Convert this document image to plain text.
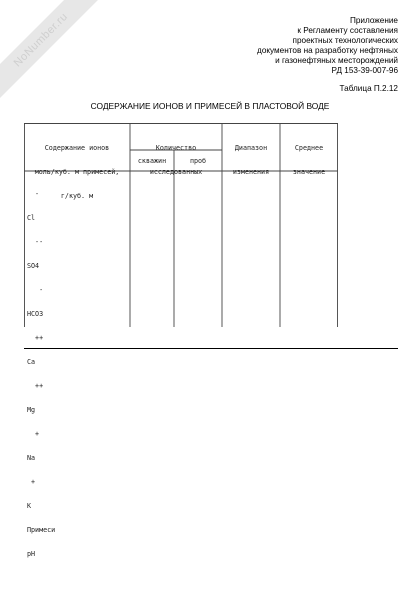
NoNumber.ru	Приложение
к Регламенту составления
проектных технологических
документов на разработку нефтяных
и газонефтяных месторождений
РД 153-39-007-96
Таблица П.2.12
СОДЕРЖАНИЕ ИОНОВ И ПРИМЕСЕЙ В ПЛАСТОВОЙ ВОДЕ

Содержание ионов

моль/куб. м примесей,

г/куб. м

Количество

исследованных

скважин	проб

Диапазон

изменения

Среднее

значение

-

Cl

--

SO4

-

HCO3

++

Ca

++

Mg

+

Na

+

K

Примеси

pH
